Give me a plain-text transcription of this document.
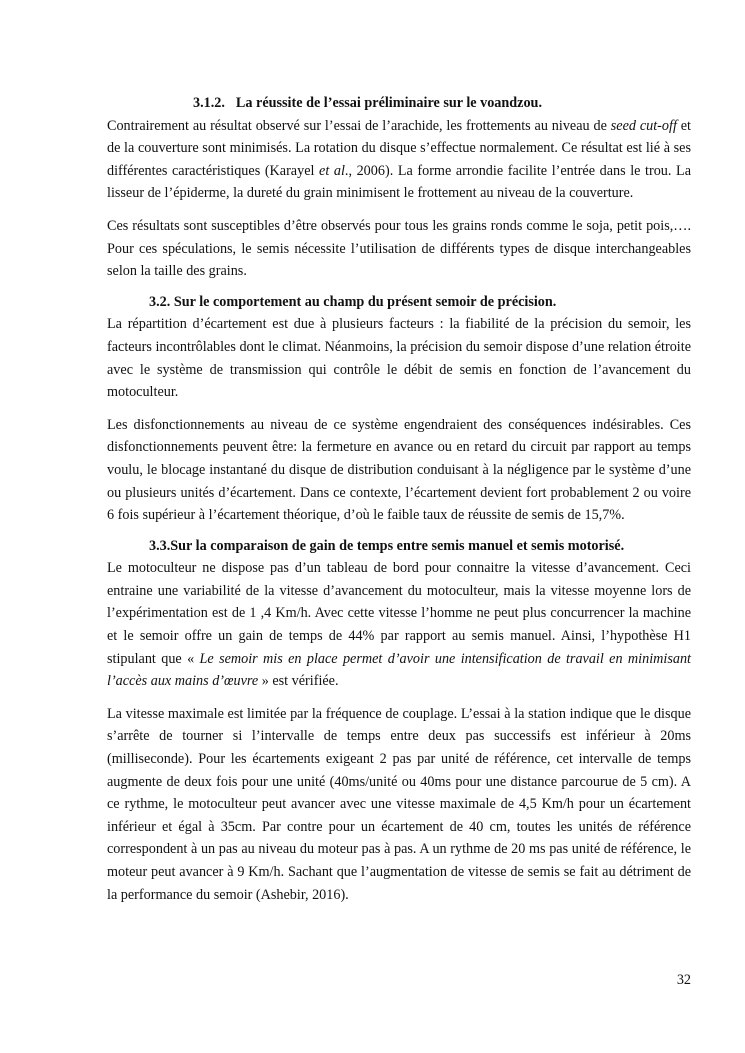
3.1.2. La réussite de l’essai préliminaire sur le voandzou.

Contrairement au résultat observé sur l’essai de l’arachide, les frottements au niveau de seed cut-off et de la couverture sont minimisés. La rotation du disque s’effectue normalement. Ce résultat est lié à ses différentes caractéristiques (Karayel et al., 2006). La forme arrondie facilite l’entrée dans le trou. La lisseur de l’épiderme, la dureté du grain minimisent le frottement au niveau de la couverture.

Ces résultats sont susceptibles d’être observés pour tous les grains ronds comme le soja, petit pois,…. Pour ces spéculations, le semis nécessite l’utilisation de différents types de disque interchangeables selon la taille des grains.

3.2. Sur le comportement au champ du présent semoir de précision.

La répartition d’écartement est due à plusieurs facteurs : la fiabilité de la précision du semoir, les facteurs incontrôlables dont le climat. Néanmoins, la précision du semoir dispose d’une relation étroite avec le système de transmission qui contrôle le débit de semis en fonction de l’avancement du motoculteur.

Les disfonctionnements au niveau de ce système engendraient des conséquences indésirables. Ces disfonctionnements peuvent être: la fermeture en avance ou en retard du circuit par rapport au temps voulu, le blocage instantané du disque de distribution conduisant à la négligence par le système d’une ou plusieurs unités d’écartement. Dans ce contexte, l’écartement devient fort probablement 2 ou voire 6 fois supérieur à l’écartement théorique, d’où le faible taux de réussite de semis de 15,7%.

3.3.Sur la comparaison de gain de temps entre semis manuel et semis motorisé.

Le motoculteur ne dispose pas d’un tableau de bord pour connaitre la vitesse d’avancement. Ceci entraine une variabilité de la vitesse d’avancement du motoculteur, mais la vitesse moyenne lors de l’expérimentation est de 1 ,4 Km/h. Avec cette vitesse l’homme ne peut plus concurrencer la machine et le semoir offre un gain de temps de 44% par rapport au semis manuel. Ainsi, l’hypothèse H1 stipulant que « Le semoir mis en place permet d’avoir une intensification de travail en minimisant l’accès aux mains d’œuvre » est vérifiée.

La vitesse maximale est limitée par la fréquence de couplage. L’essai à la station indique que le disque s’arrête de tourner si l’intervalle de temps entre deux pas successifs est inférieur à 20ms (milliseconde). Pour les écartements exigeant 2 pas par unité de référence, cet intervalle de temps augmente de deux fois pour une unité (40ms/unité ou 40ms pour une distance parcourue de 5 cm). A ce rythme, le motoculteur peut avancer avec une vitesse maximale de 4,5 Km/h pour un écartement inférieur et égal à 35cm. Par contre pour un écartement de 40 cm, toutes les unités de référence correspondent à un pas au niveau du moteur pas à pas. A un rythme de 20 ms pas unité de référence, le moteur peut avancer à 9 Km/h. Sachant que l’augmentation de vitesse de semis se fait au détriment de la performance du semoir (Ashebir, 2016).

32
